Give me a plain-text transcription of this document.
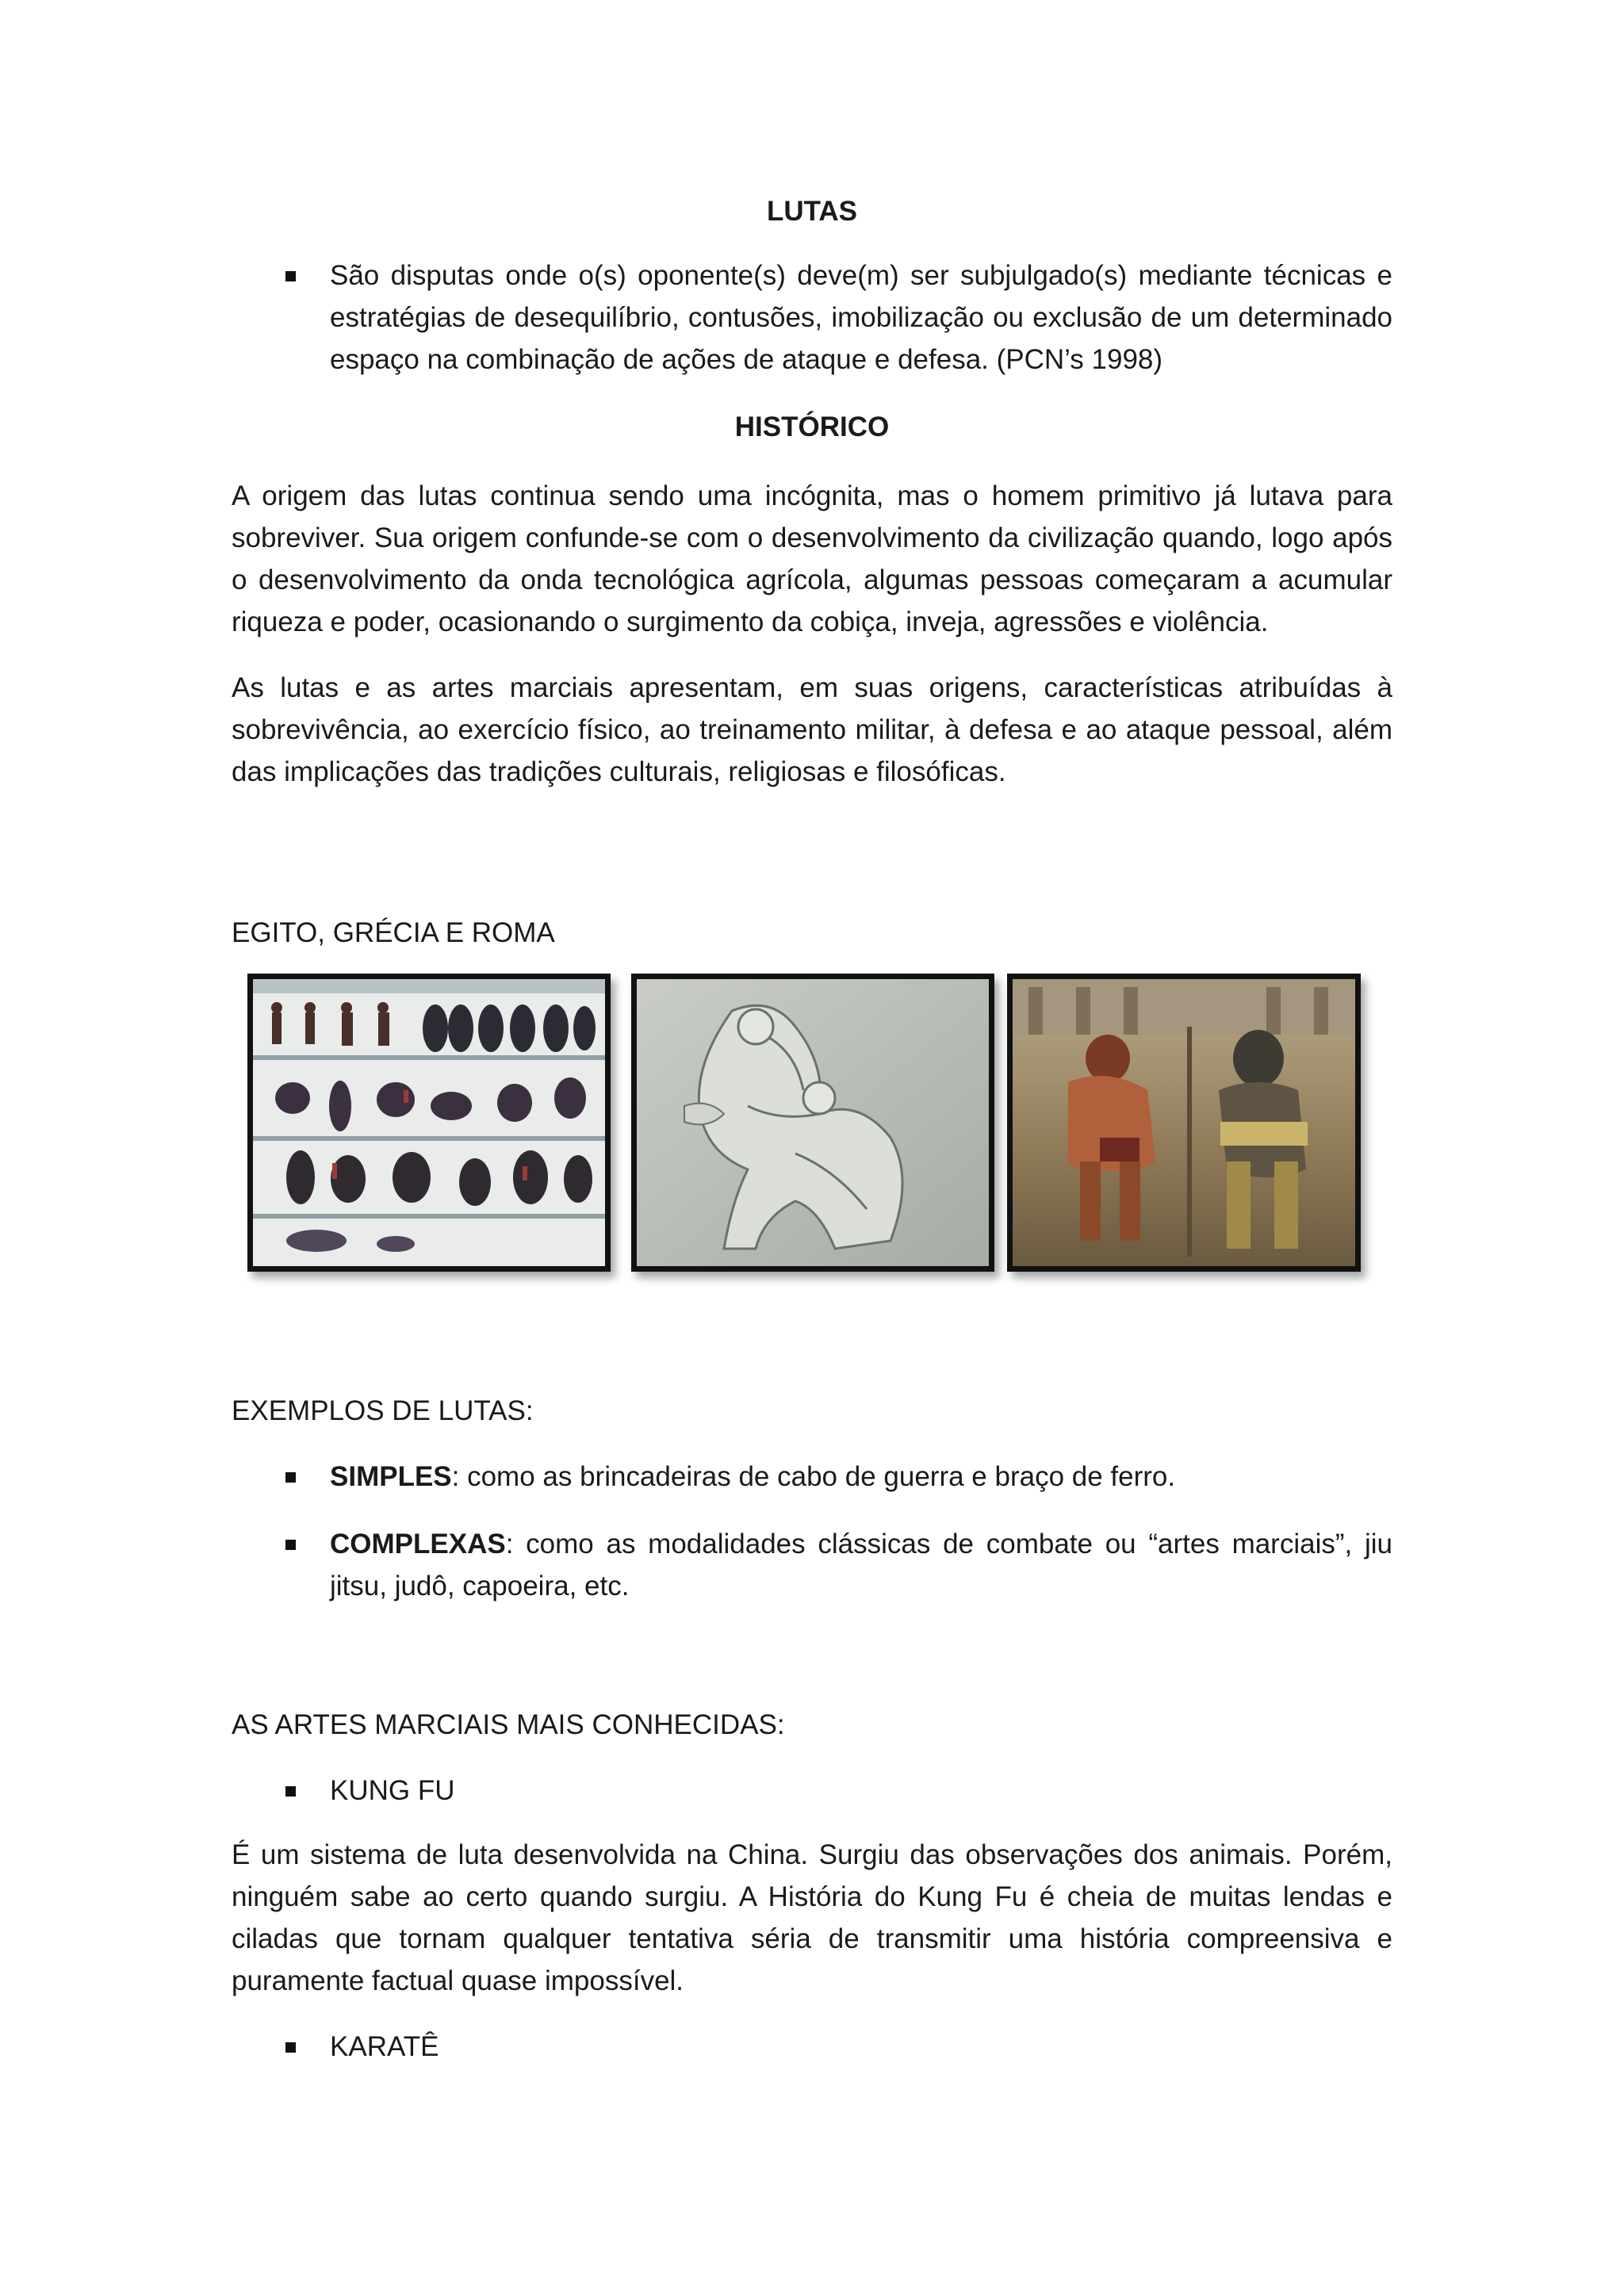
LUTAS
São disputas onde o(s) oponente(s) deve(m) ser subjulgado(s) mediante técnicas e estratégias de desequilíbrio, contusões, imobilização ou exclusão de um determinado espaço na combinação de ações de ataque e defesa. (PCN’s 1998)
HISTÓRICO

A origem das lutas continua sendo uma incógnita, mas o homem primitivo já lutava para sobreviver. Sua origem confunde-se com o desenvolvimento da civilização quando, logo após o desenvolvimento da onda tecnológica agrícola, algumas pessoas começaram a acumular riqueza e poder, ocasionando o surgimento da cobiça, inveja, agressões e violência.

As lutas e as artes marciais apresentam, em suas origens, características atribuídas à sobrevivência, ao exercício físico, ao treinamento militar, à defesa e ao ataque pessoal, além das implicações das tradições culturais, religiosas e filosóficas.

EGITO, GRÉCIA E ROMA

EXEMPLOS DE LUTAS:

SIMPLES: como as brincadeiras de cabo de guerra e braço de ferro.
COMPLEXAS: como as modalidades clássicas de combate ou “artes marciais”, jiu jitsu, judô, capoeira, etc.

AS ARTES MARCIAIS MAIS CONHECIDAS:

KUNG FU

É um sistema de luta desenvolvida na China. Surgiu das observações dos animais. Porém, ninguém sabe ao certo quando surgiu. A História do Kung Fu é cheia de muitas lendas e ciladas que tornam qualquer tentativa séria de transmitir uma história compreensiva e puramente factual quase impossível.

KARATÊ
